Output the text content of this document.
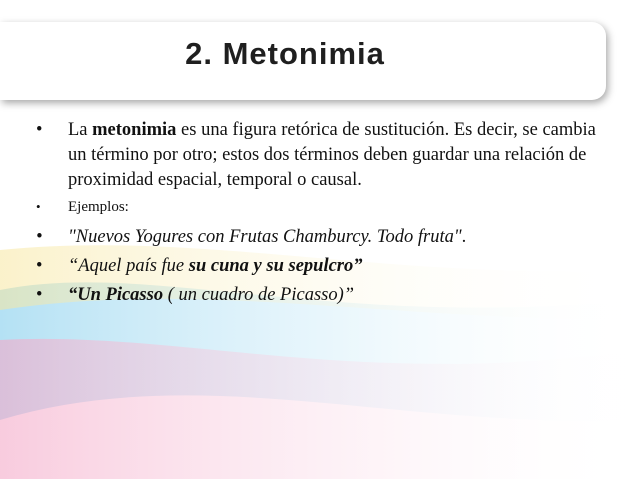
2. Metonimia
• La metonimia es una figura retórica de sustitución. Es decir, se cambia un término por otro; estos dos términos deben guardar una relación de proximidad espacial, temporal o causal.
• Ejemplos:
• "Nuevos Yogures con Frutas Chamburcy. Todo fruta".
• “Aquel país fue su cuna y su sepulcro”
• “Un Picasso ( un cuadro de Picasso)”
